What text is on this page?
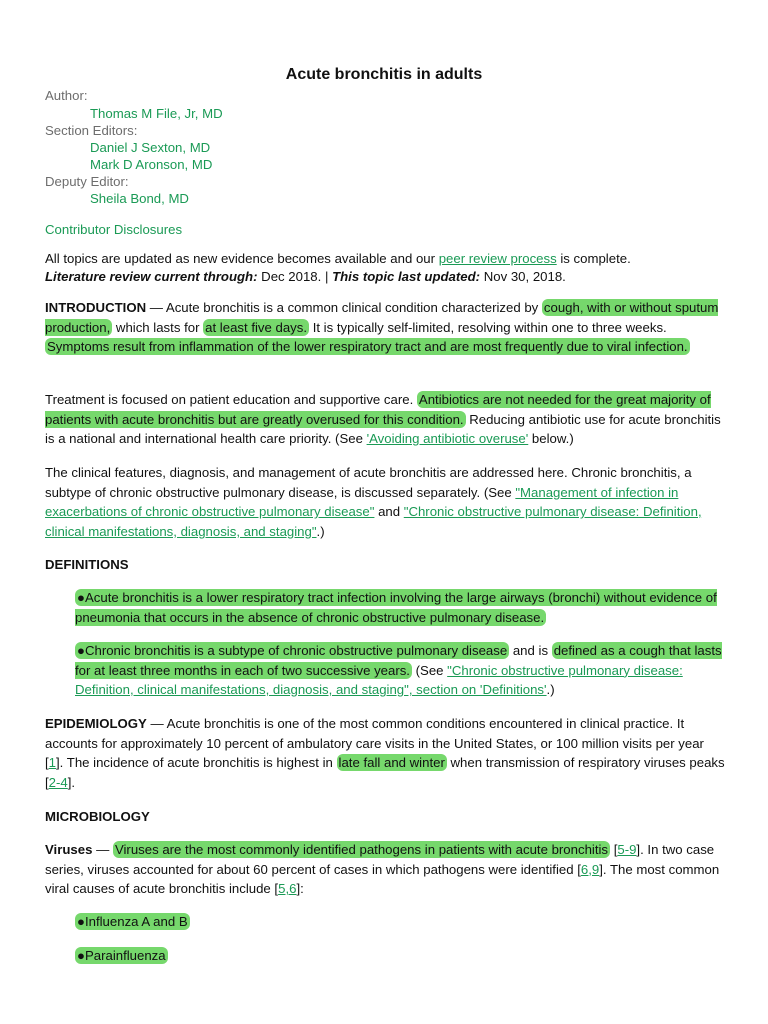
Acute bronchitis in adults
Author:
Thomas M File, Jr, MD
Section Editors:
Daniel J Sexton, MD
Mark D Aronson, MD
Deputy Editor:
Sheila Bond, MD
Contributor Disclosures
All topics are updated as new evidence becomes available and our peer review process is complete.
Literature review current through: Dec 2018. | This topic last updated: Nov 30, 2018.
INTRODUCTION — Acute bronchitis is a common clinical condition characterized by cough, with or without sputum production, which lasts for at least five days. It is typically self-limited, resolving within one to three weeks. Symptoms result from inflammation of the lower respiratory tract and are most frequently due to viral infection.
Treatment is focused on patient education and supportive care. Antibiotics are not needed for the great majority of patients with acute bronchitis but are greatly overused for this condition. Reducing antibiotic use for acute bronchitis is a national and international health care priority. (See 'Avoiding antibiotic overuse' below.)
The clinical features, diagnosis, and management of acute bronchitis are addressed here. Chronic bronchitis, a subtype of chronic obstructive pulmonary disease, is discussed separately. (See "Management of infection in exacerbations of chronic obstructive pulmonary disease" and "Chronic obstructive pulmonary disease: Definition, clinical manifestations, diagnosis, and staging".)
DEFINITIONS
●Acute bronchitis is a lower respiratory tract infection involving the large airways (bronchi) without evidence of pneumonia that occurs in the absence of chronic obstructive pulmonary disease.
●Chronic bronchitis is a subtype of chronic obstructive pulmonary disease and is defined as a cough that lasts for at least three months in each of two successive years. (See "Chronic obstructive pulmonary disease: Definition, clinical manifestations, diagnosis, and staging", section on 'Definitions'.)
EPIDEMIOLOGY — Acute bronchitis is one of the most common conditions encountered in clinical practice. It accounts for approximately 10 percent of ambulatory care visits in the United States, or 100 million visits per year [1]. The incidence of acute bronchitis is highest in late fall and winter when transmission of respiratory viruses peaks [2-4].
MICROBIOLOGY
Viruses — Viruses are the most commonly identified pathogens in patients with acute bronchitis [5-9]. In two case series, viruses accounted for about 60 percent of cases in which pathogens were identified [6,9]. The most common viral causes of acute bronchitis include [5,6]:
●Influenza A and B
●Parainfluenza
